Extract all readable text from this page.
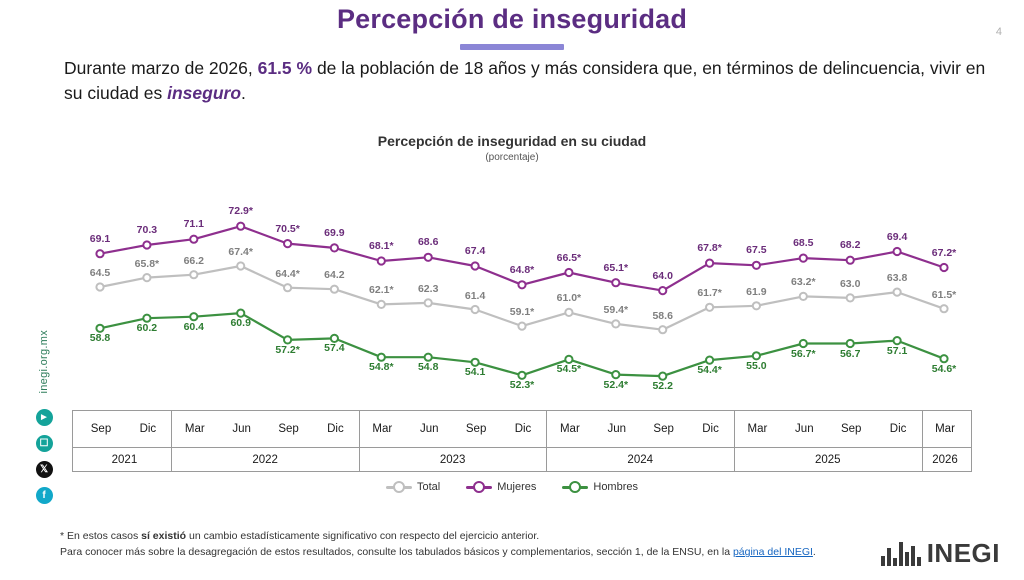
Percepción de inseguridad	4
Durante marzo de 2026, 61.5 % de la población de 18 años y más considera que, en términos de delincuencia, vivir en su ciudad es inseguro.
Percepción de inseguridad en su ciudad
(porcentaje)
64.5
65.8* 66.2
67.4*
64.4* 64.2
62.1* 62.3
61.4
59.1*
61.0*
59.4* 58.6
61.7* 61.9
63.2* 63.0	63.8
61.5*
69.1
70.3	71.1
72.9*
70.5* 69.9
68.1* 68.6
67.4
64.8*
66.5*
65.1*
64.0
67.8* 67.5
68.5	68.2
69.4
67.2*
58.8
60.2	60.4	60.9
57.2* 57.4
54.8* 54.8	54.1
52.3*
54.5*
52.4* 52.2
54.4* 55.0
56.7* 56.7	57.1
54.6*
Sep Dic Mar Jun Sep Dic Mar Jun Sep Dic Mar Jun Sep Dic Mar Jun Sep Dic Mar
2021	2022	2023	2024	2025	2026
Total	Mujeres	Hombres
* En estos casos sí existió un cambio estadísticamente significativo con respecto del ejercicio anterior.
Para conocer más sobre la desagregación de estos resultados, consulte los tabulados básicos y complementarios, sección 1, de la ENSU, en la página del INEGI.
inegi.org.mx
►
☐
𝕏
f
INEGI
